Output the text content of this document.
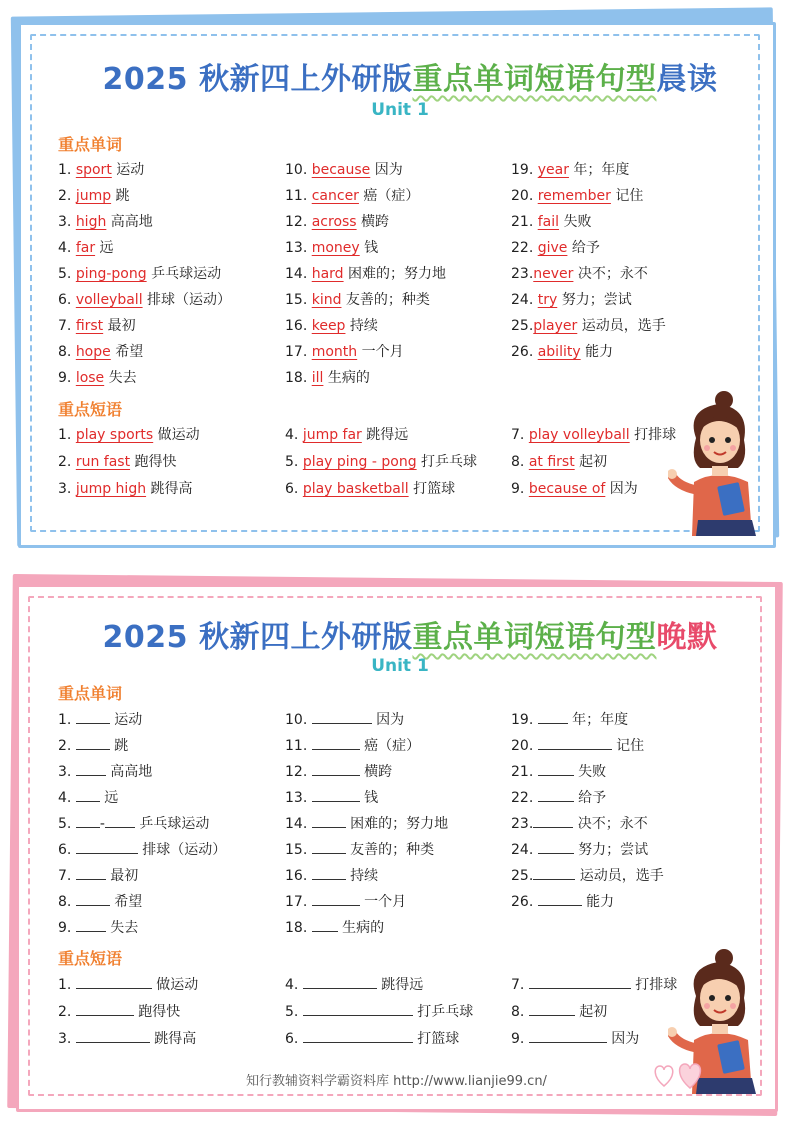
2025 秋新四上外研版重点单词短语句型晨读
Unit 1
重点单词
重点短语
1. sport 运动
2. jump 跳
3. high 高高地
4. far 远
5. ping-pong 乒乓球运动
6. volleyball 排球（运动）
7. first 最初
8. hope 希望
9. lose 失去
10. because 因为
11. cancer 癌（症）
12. across 横跨
13. money 钱
14. hard 困难的；努力地
15. kind 友善的；种类
16. keep 持续
17. month 一个月
18. ill 生病的
19. year 年；年度
20. remember 记住
21. fail 失败
22. give 给予
23.never 决不；永不
24. try 努力；尝试
25.player 运动员，选手
26. ability 能力
1. play sports 做运动
2. run fast 跑得快
3. jump high 跳得高
4. jump far 跳得远
5. play ping - pong 打乒乓球
6. play basketball 打篮球
7. play volleyball 打排球
8. at first 起初
9. because of 因为
2025 秋新四上外研版重点单词短语句型晚默
Unit 1
重点单词
重点短语
1.  运动
2.  跳
3.  高高地
4.  远
5. - 乒乓球运动
6.	排球（运动）
7.  最初
8.  希望
9.  失去
10.	因为
11.	癌（症）
12.	横跨
13.	钱
14.  困难的；努力地
15.  友善的；种类
16.  持续
17.	一个月
18.  生病的
19.  年；年度
20.	记住
21.	失败
22.	给予
23.	决不；永不
24.	努力；尝试
25.	运动员，选手
26.	能力
1.	做运动
2.	跑得快
3.	跳得高
4.	跳得远
5.	打乒乓球
6.	打篮球
7.	打排球
8.	起初
9.	因为
知行教辅资料学霸资料库 http://www.lianjie99.cn/
